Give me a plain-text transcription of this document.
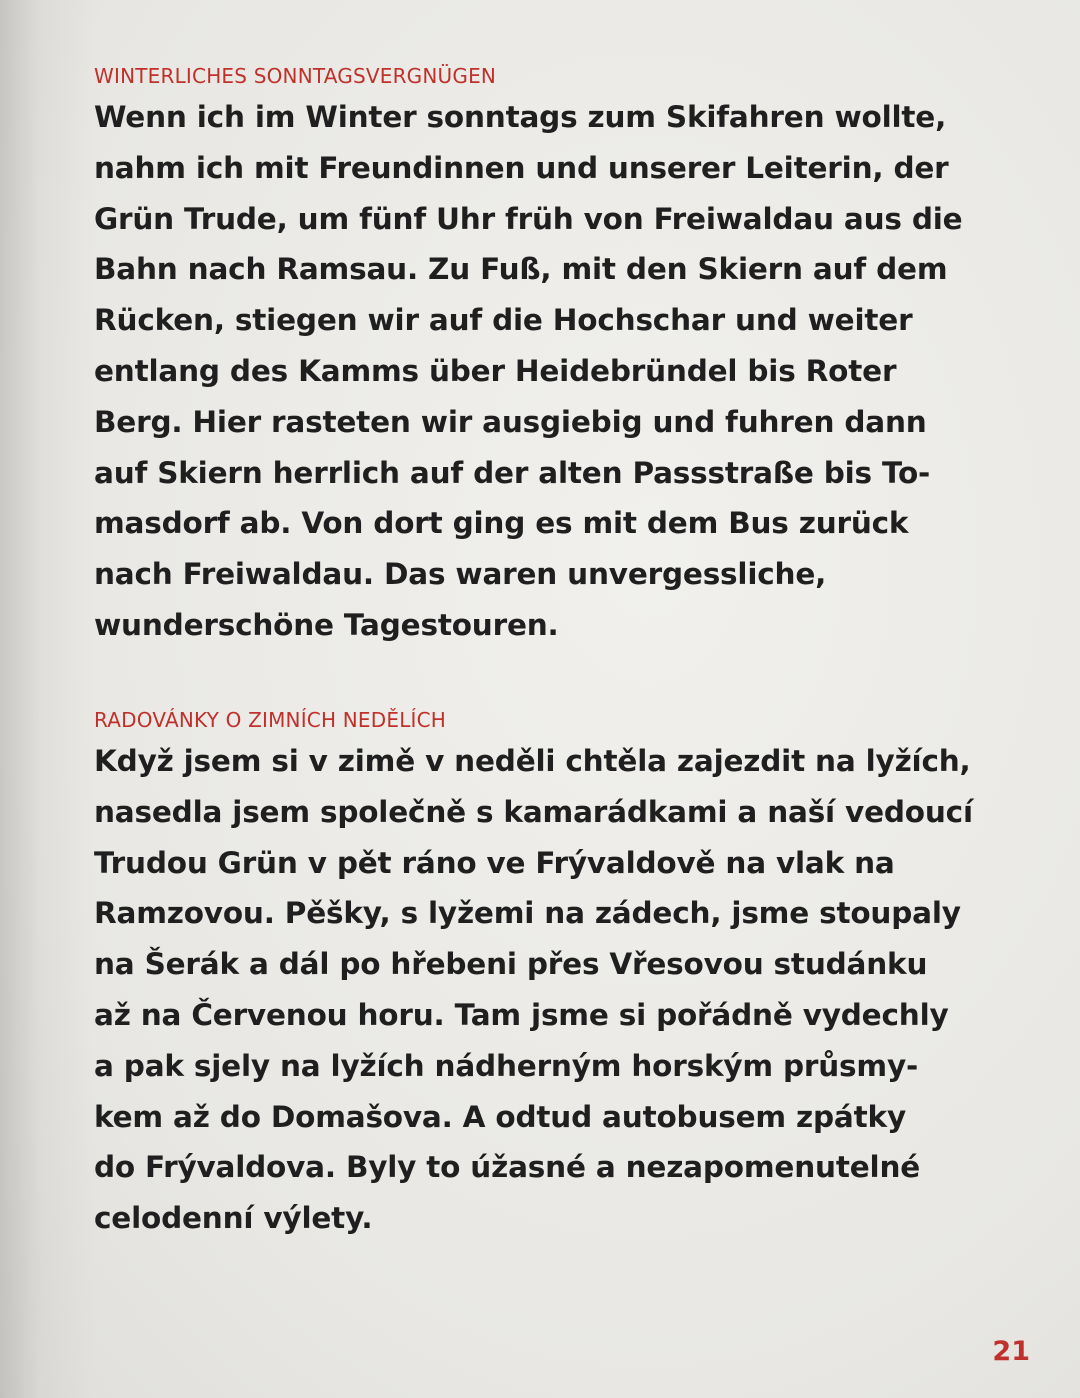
WINTERLICHES SONNTAGSVERGNÜGEN
Wenn ich im Winter sonntags zum Skifahren wollte,
nahm ich mit Freundinnen und unserer Leiterin, der
Grün Trude, um fünf Uhr früh von Freiwaldau aus die
Bahn nach Ramsau. Zu Fuß, mit den Skiern auf dem
Rücken, stiegen wir auf die Hochschar und weiter
entlang des Kamms über Heidebründel bis Roter
Berg. Hier rasteten wir ausgiebig und fuhren dann
auf Skiern herrlich auf der alten Passstraße bis To-
masdorf ab. Von dort ging es mit dem Bus zurück
nach Freiwaldau. Das waren unvergessliche,
wunderschöne Tagestouren.
RADOVÁNKY O ZIMNÍCH NEDĚLÍCH
Když jsem si v zimě v neděli chtěla zajezdit na lyžích,
nasedla jsem společně s kamarádkami a naší vedoucí
Trudou Grün v pět ráno ve Frývaldově na vlak na
Ramzovou. Pěšky, s lyžemi na zádech, jsme stoupaly
na Šerák a dál po hřebeni přes Vřesovou studánku
až na Červenou horu. Tam jsme si pořádně vydechly
a pak sjely na lyžích nádherným horským průsmy-
kem až do Domašova. A odtud autobusem zpátky
do Frývaldova. Byly to úžasné a nezapomenutelné
celodenní výlety.
21
